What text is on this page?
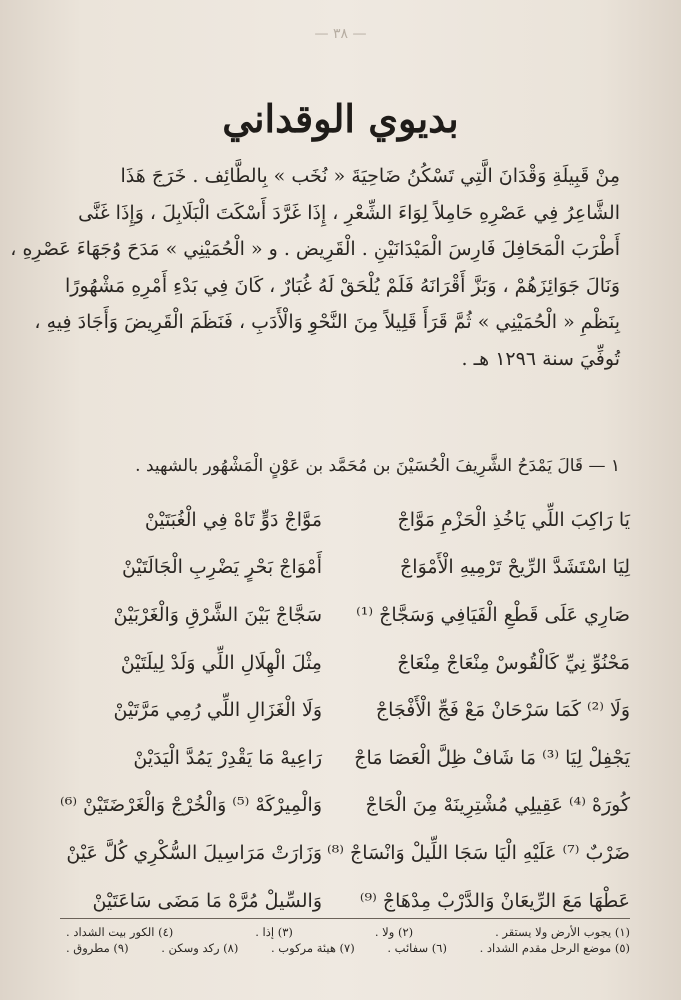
— ٣٨ —
بديوي الوقداني
مِنْ قَبِيلَةِ وَقْدَانَ الَّتِي تَسْكُنُ ضَاحِيَةَ « نُخَب » بِالطَّائِف . خَرَجَ هَذَا
الشَّاعِرُ فِي عَصْرِهِ حَامِلاً لِوَاءَ الشِّعْرِ ، إِذَا غَرَّدَ أَسْكَتَ الْبَلَابِلَ ، وَإِذَا غَنَّى
أَطْرَبَ الْمَحَافِلَ فَارِسَ الْمَيْدَانَيْنِ . الْقَرِيض . و « الْحُمَيْنِي » مَدَحَ وُجَهَاءَ عَصْرِهِ ،
وَنَالَ جَوَائِزَهُمْ ، وَبَزَّ أَقْرَانَهُ فَلَمْ يُلْحَقْ لَهُ غُبَارٌ ، كَانَ فِي بَدْءِ أَمْرِهِ مَشْهُورًا
بِنَظْمِ « الْحُمَيْنِي » ثُمَّ قَرَأَ قَلِيلاً مِنَ النَّحْوِ وَالْأَدَبِ ، فَنَظَمَ الْقَرِيضَ وَأَجَادَ فِيهِ ،
تُوفِّيَ سنة ١٢٩٦ هـ .
١ — قَالَ يَمْدَحُ الشَّرِيفَ الْحُسَيْنَ بن مُحَمَّد بن عَوْنٍ الْمَشْهُور بالشهيد .
يَا رَاكِبَ اللِّي يَاخُذِ الْحَزْمِ مَوَّاجْ
مَوَّاجْ دَوٍّ تَاهْ فِي الْغُبَتَيْنْ
لِيَا اسْتَشَدَّ الرِّيحْ تَرْمِيهِ الْأَمْوَاجْ
أَمْوَاجْ بَحْرٍ يَضْرِبِ الْجَالَتَيْنْ
صَارِي عَلَى قَطْعِ الْفَيَافِي وَسَجَّاجْ ⁽¹⁾
سَجَّاجْ بَيْنَ الشَّرْقِ وَالْغَرْبَيْنْ
مَحْنُوِّ نِيِّ كَالْقُوسْ مِنْعَاجْ مِنْعَاجْ
مِثْلَ الْهِلَالِ اللِّي وَلَدْ لِيلَتَيْنْ
وَلَا ⁽²⁾ كَمَا سَرْحَانْ مَعْ فَجِّ الْأَفْجَاجْ
وَلَا الْغَزَالِ اللِّي رُمِي مَرَّتَيْنْ
يَجْفِلْ لِيَا ⁽³⁾ مَا شَافْ ظِلَّ الْعَصَا مَاجْ
رَاعِيهْ مَا يَقْدِرْ يَمُدَّ الْيَدَيْنْ
كُورَهْ ⁽⁴⁾ عَقِيلِي مُشْتِرِينَهْ مِنَ الْحَاجْ
وَالْمِيرْكَهْ ⁽⁵⁾ وَالْخُرْجْ وَالْغَرْضَتَيْنْ ⁽⁶⁾
ضَرْبٌ ⁽⁷⁾ عَلَيْهِ الْيَا سَجَا اللِّيلْ وَانْسَاجْ ⁽⁸⁾
وَزَارَتْ مَرَاسِيلَ السُّكْرِي كُلَّ عَيْنْ
عَطْهَا مَعَ الرِّيعَانْ وَالدَّرْبْ مِدْهَاجْ ⁽⁹⁾
وَالسِّيلْ مُرَّهْ مَا مَضَى سَاعَتَيْنْ
(١) يجوب الأرض ولا يستقر .
(٢) ولا .
(٣) إذا .
(٤) الكور بيت الشداد .
(٥) موضع الرحل مقدم الشداد .
(٦) سفائب .
(٧) هيئة مركوب .
(٨) ركد وسكن .
(٩) مطروق .
